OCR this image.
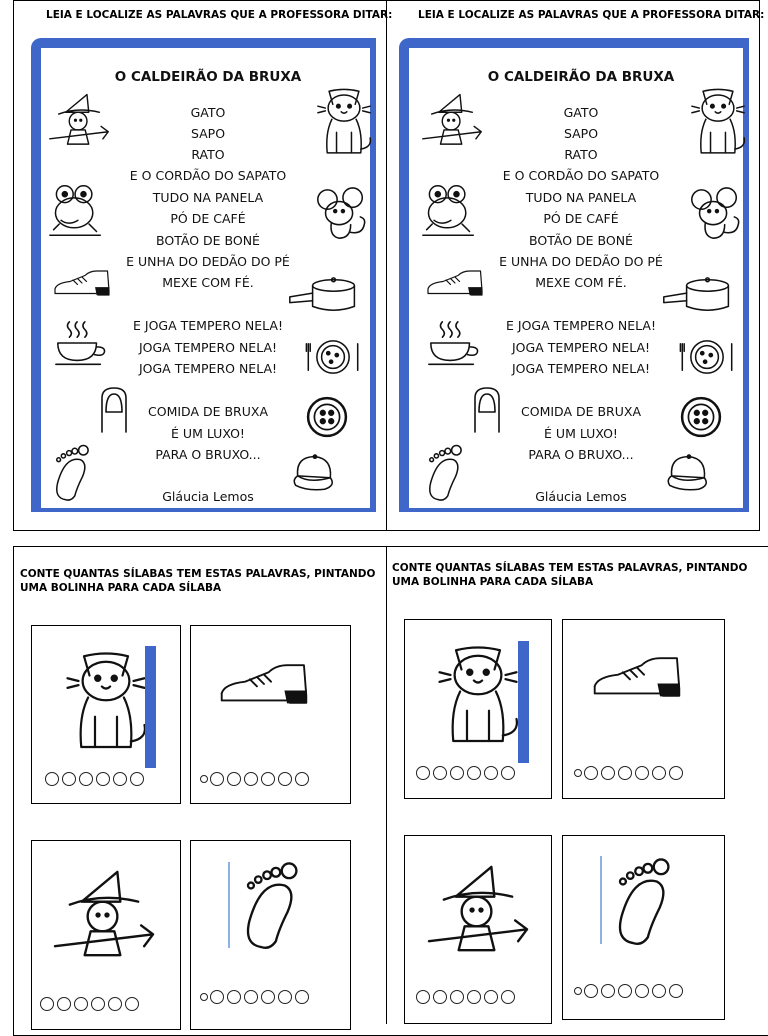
LEIA E LOCALIZE AS PALAVRAS QUE A PROFESSORA DITAR:
O CALDEIRÃO DA BRUXA
GATO
SAPO
RATO
E O CORDÃO DO SAPATO
TUDO NA PANELA
PÓ DE CAFÉ
BOTÃO DE BONÉ
E UNHA DO DEDÃO DO PÉ
MEXE COM FÉ.
E JOGA TEMPERO NELA!
JOGA TEMPERO NELA!
JOGA TEMPERO NELA!
COMIDA DE BRUXA
É UM LUXO!
PARA O BRUXO...
Gláucia Lemos
LEIA E LOCALIZE AS PALAVRAS QUE A PROFESSORA DITAR:
O CALDEIRÃO DA BRUXA
GATO
SAPO
RATO
E O CORDÃO DO SAPATO
TUDO NA PANELA
PÓ DE CAFÉ
BOTÃO DE BONÉ
E UNHA DO DEDÃO DO PÉ
MEXE COM FÉ.
E JOGA TEMPERO NELA!
JOGA TEMPERO NELA!
JOGA TEMPERO NELA!
COMIDA DE BRUXA
É UM LUXO!
PARA O BRUXO...
Gláucia Lemos
CONTE QUANTAS SÍLABAS TEM ESTAS PALAVRAS, PINTANDO UMA BOLINHA PARA CADA SÍLABA
CONTE QUANTAS SÍLABAS TEM ESTAS PALAVRAS, PINTANDO UMA BOLINHA PARA CADA SÍLABA
